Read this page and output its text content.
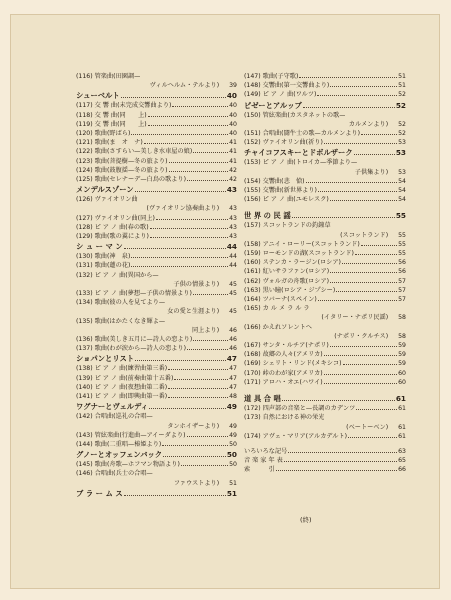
(116) 管楽曲(田園調—
ヴィルヘルム・テルより) 39
シューベルト	40
(117) 交 響 曲(未完成交響曲より)	40
(118) 交 響 曲(同　　上)	40
(119) 交 響 曲(同　　上)	40
(120) 歌曲(野ばら)	40
(121) 歌曲(ま　オ　ナ)	41
(122) 歌曲(さすらい—美しき水車屋の娘)	41
(123) 歌曲(菩提樹—冬の旅より)	41
(124) 歌曲(鼓腹揺—冬の旅より)	42
(125) 歌曲(セレナーデ—白鳥の歌より)	42
メンデルスゾーン	43
(126) ヴァイオリン曲
(ヴァイオリン協奏曲より) 43
(127) ヴァイオリン曲(同上)	43
(128) ピ ア ノ 曲(春の歌)	43
(129) 歌曲(歌の翼により)	43
シ ュ ー マ ン	44
(130) 歌曲(神　泉)	44
(131) 歌曲(蓮の花)	44
(132) ピ ア ノ 曲(異国から—
子供の情景より) 45
(133) ピ ア ノ 曲(夢想—子供の情景より)	45
(134) 歌曲(彼の人を見てより—
女の愛と生涯より) 45
(135) 歌曲(はかたくなき輝よ—
同上より) 46
(136) 歌曲(美しき五月に—詩人の恋より)	46
(137) 歌曲(わが涙から—詩人の恋より)	46
ショパンとリスト	47
(138) ピ ア ノ 曲(練習曲第三番)	47
(139) ピ ア ノ 曲(前奏曲第十五番)	47
(140) ピ ア ノ 曲(夜想曲第二番)	47
(141) ピ ア ノ 曲(即興曲第一番)	48
ワグナーとヴェルディ	49
(142) 合唱曲(巡礼の合唱—
タンホイザーより) 49
(143) 管絃楽曲(行進曲—アイーダより)	49
(144) 歌曲(二重唱—椿姫より)	50
グノーとオッフェンバック	50
(145) 歌曲(舟歌—ホフマン物語より)	50
(146) 合唱曲(兵士の合唱—
ファウストより) 51
ブ ラ ー ム ス	51
(147) 歌曲(子守歌)	51
(148) 交響曲(第一交響曲より)	51
(149) ピ ア ノ 曲(ワルツ)	52
ビゼーとアルッブ	52
(150) 管絃楽曲(カスタネットの歌—
カルメンより) 52
(151) 合唱曲(闘牛士の歌—カルメンより)	52
(152) ヴァイオリン曲(祈り)	53
チャイコフスキーとドボルザーク	53
(153) ピ ア ノ 曲(トロイカ—季節より—
子供集より) 53
(154) 交響曲(悲　愴)	54
(155) 交響曲(新世界より)	54
(156) ピ ア ノ 曲(ユモレスク)	54
世 界 の 民 謡	55
(157) スコットランドの釣鐘草
(スコットランド) 55
(158) アニイ・ローリー(スコットランド)	55
(159) ローモンドの湖(スコットランド)	55
(160) ステンカ・ラージン(ロシア)	56
(161) 紅いサラファン(ロシア)	56
(162) ヴォルガの舟歌(ロシア)	57
(163) 黒い瞳(ロシア・ジプシー)	57
(164) ツバーナ(スペイン)	57
(165) カ ル メ ラ ル ラ
(イタリー・ナポリ民謡) 58
(166) かえれソレントへ
(ナポリ・クルチス) 58
(167) サンタ・ルチア(ナポリ)	59
(168) 故郷の人々(アメリカ)	59
(169) シェリト・リンド(メキシコ)	59
(170) 峠のわが家(アメリカ)	60
(171) アロハ・オエ(ハワイ)	60
道 具 合 唱	61
(172) 四声部の音楽と—長調のカデンツ	61
(173) 自然における神の栄光
(ベートーベン) 61
(174) アヴェ・マリア(アルカデルト)	61
いろいろな記号	63
音 楽 家 年 表	65
索　　　引	66
(終)
